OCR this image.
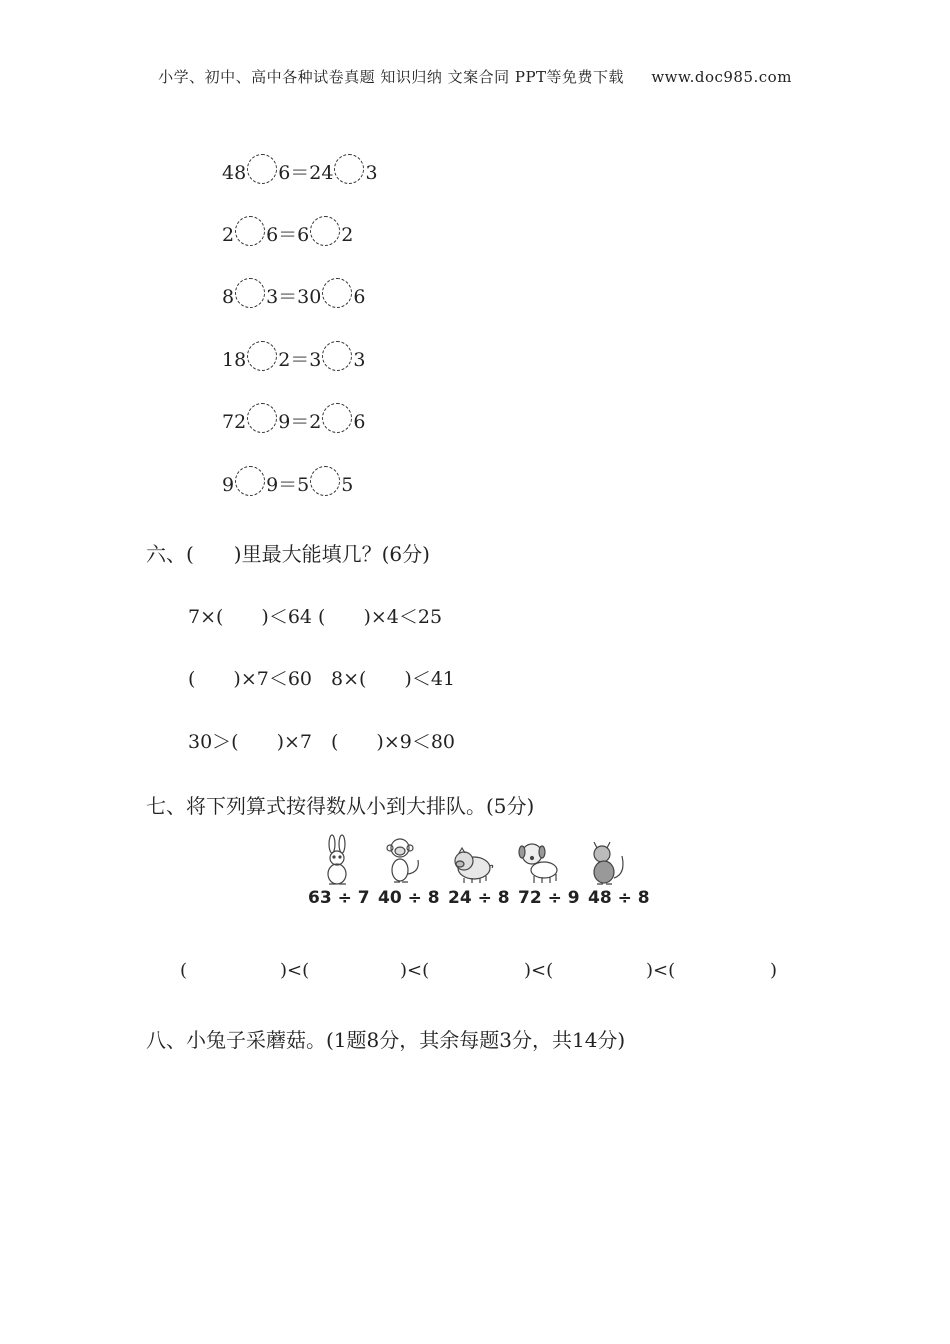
小学、初中、高中各种试卷真题 知识归纳 文案合同 PPT等免费下载 www.doc985.com
48 6＝24 3
2 6＝6 2
8 3＝30 6
18 2＝3 3
72 9＝2 6
9 9＝5 5
六、(　　)里最大能填几？(6分)
7×(　　)＜64 (　　)×4＜25
(　　)×7＜60　8×(　　)＜41
30＞(　　)×7　(　　)×9＜80
七、将下列算式按得数从小到大排队。(5分)
63 ÷ 7 40 ÷ 8 24 ÷ 8 72 ÷ 9 48 ÷ 8
(	)<(	)<(	)<(	)<(	)
八、小兔子采蘑菇。(1题8分，其余每题3分，共14分)
